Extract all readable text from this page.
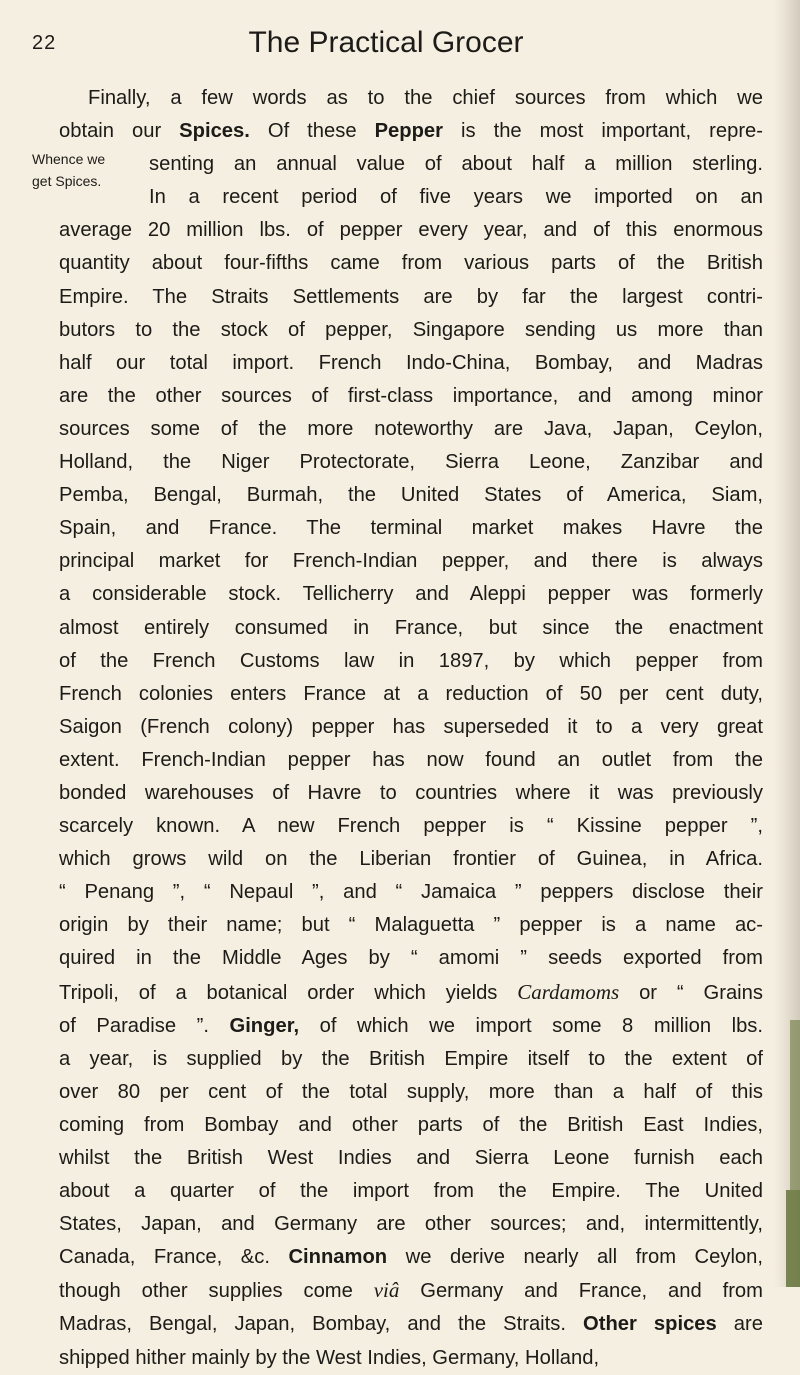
22	The Practical Grocer
Whence we
get Spices.

Finally, a few words as to the chief sources from which we
obtain our Spices. Of these Pepper is the most important, repre-
senting an annual value of about half a million sterling.
In a recent period of five years we imported on an
average 20 million lbs. of pepper every year, and of this enormous
quantity about four-fifths came from various parts of the British
Empire. The Straits Settlements are by far the largest contri-
butors to the stock of pepper, Singapore sending us more than
half our total import. French Indo-China, Bombay, and Madras
are the other sources of first-class importance, and among minor
sources some of the more noteworthy are Java, Japan, Ceylon,
Holland, the Niger Protectorate, Sierra Leone, Zanzibar and
Pemba, Bengal, Burmah, the United States of America, Siam,
Spain, and France. The terminal market makes Havre the
principal market for French-Indian pepper, and there is always
a considerable stock. Tellicherry and Aleppi pepper was formerly
almost entirely consumed in France, but since the enactment
of the French Customs law in 1897, by which pepper from
French colonies enters France at a reduction of 50 per cent duty,
Saigon (French colony) pepper has superseded it to a very great
extent. French-Indian pepper has now found an outlet from the
bonded warehouses of Havre to countries where it was previously
scarcely known. A new French pepper is “ Kissine pepper ”,
which grows wild on the Liberian frontier of Guinea, in Africa.
“ Penang ”, “ Nepaul ”, and “ Jamaica ” peppers disclose their
origin by their name; but “ Malaguetta ” pepper is a name ac-
quired in the Middle Ages by “ amomi ” seeds exported from
Tripoli, of a botanical order which yields Cardamoms or “ Grains
of Paradise ”. Ginger, of which we import some 8 million lbs.
a year, is supplied by the British Empire itself to the extent of
over 80 per cent of the total supply, more than a half of this
coming from Bombay and other parts of the British East Indies,
whilst the British West Indies and Sierra Leone furnish each
about a quarter of the import from the Empire. The United
States, Japan, and Germany are other sources; and, intermittently,
Canada, France, &c. Cinnamon we derive nearly all from Ceylon,
though other supplies come viâ Germany and France, and from
Madras, Bengal, Japan, Bombay, and the Straits. Other spices are
shipped hither mainly by the West Indies, Germany, Holland,
